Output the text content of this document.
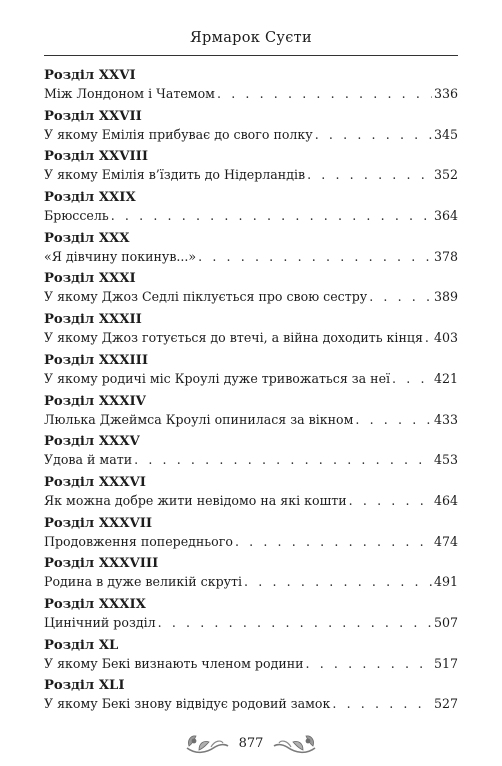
Ярмарок Суєти
Розділ XXVI
Між Лондоном і Чатемом . . .	336
Розділ XXVII
У якому Емілія прибуває до свого полку . . .	345
Розділ XXVIII
У якому Емілія в’їздить до Нідерландів . . .	352
Розділ XXIX
Брюссель . . .	364
Розділ XXX
«Я дівчину покинув...» . . .	378
Розділ XXXI
У якому Джоз Седлі піклується про свою сестру . . .	389
Розділ XXXII
У якому Джоз готується до втечі, а війна доходить кінця . . . 403
Розділ XXXIII
У якому родичі міс Кроулі дуже тривожаться за неї . . .	421
Розділ XXXIV
Люлька Джеймса Кроулі опинилася за вікном . . .	433
Розділ XXXV
Удова й мати . . .	453
Розділ XXXVI
Як можна добре жити невідомо на які кошти . . .	464
Розділ XXXVII
Продовження попереднього . . .	474
Розділ XXXVIII
Родина в дуже великій скруті . . .	491
Розділ XXXIX
Цинічний розділ . . .	507
Розділ XL
У якому Бекі визнають членом родини . . .	517
Розділ XLI
У якому Бекі знову відвідує родовий замок . . .	527
877
